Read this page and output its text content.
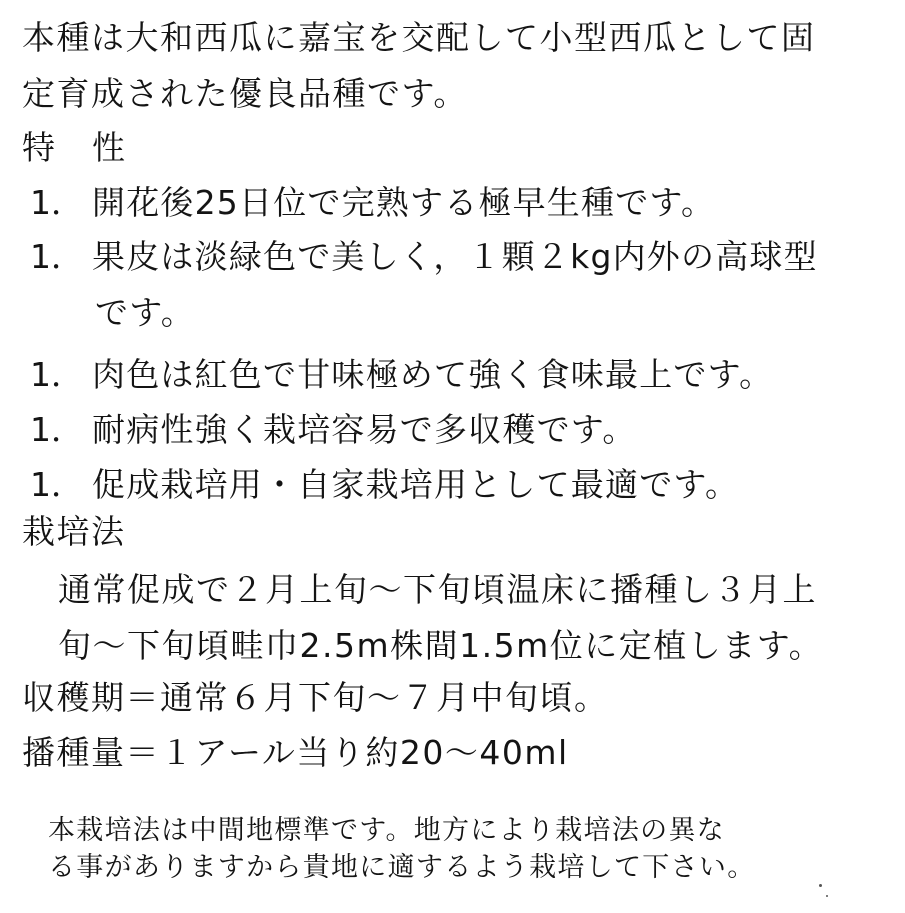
本種は大和西瓜に嘉宝を交配して小型西瓜として固
定育成された優良品種です。
特 性
1． 開花後25日位で完熟する極早生種です。
1． 果皮は淡緑色で美しく，１顆２kg内外の高球型
です。
1． 肉色は紅色で甘味極めて強く食味最上です。
1． 耐病性強く栽培容易で多収穫です。
1． 促成栽培用・自家栽培用として最適です。
栽培法
通常促成で２月上旬～下旬頃温床に播種し３月上
旬～下旬頃畦巾2.5m株間1.5m位に定植します。
収穫期＝通常６月下旬～７月中旬頃。
播種量＝１アール当り約20～40ml
本栽培法は中間地標準です。地方により栽培法の異な
る事がありますから貴地に適するよう栽培して下さい。
